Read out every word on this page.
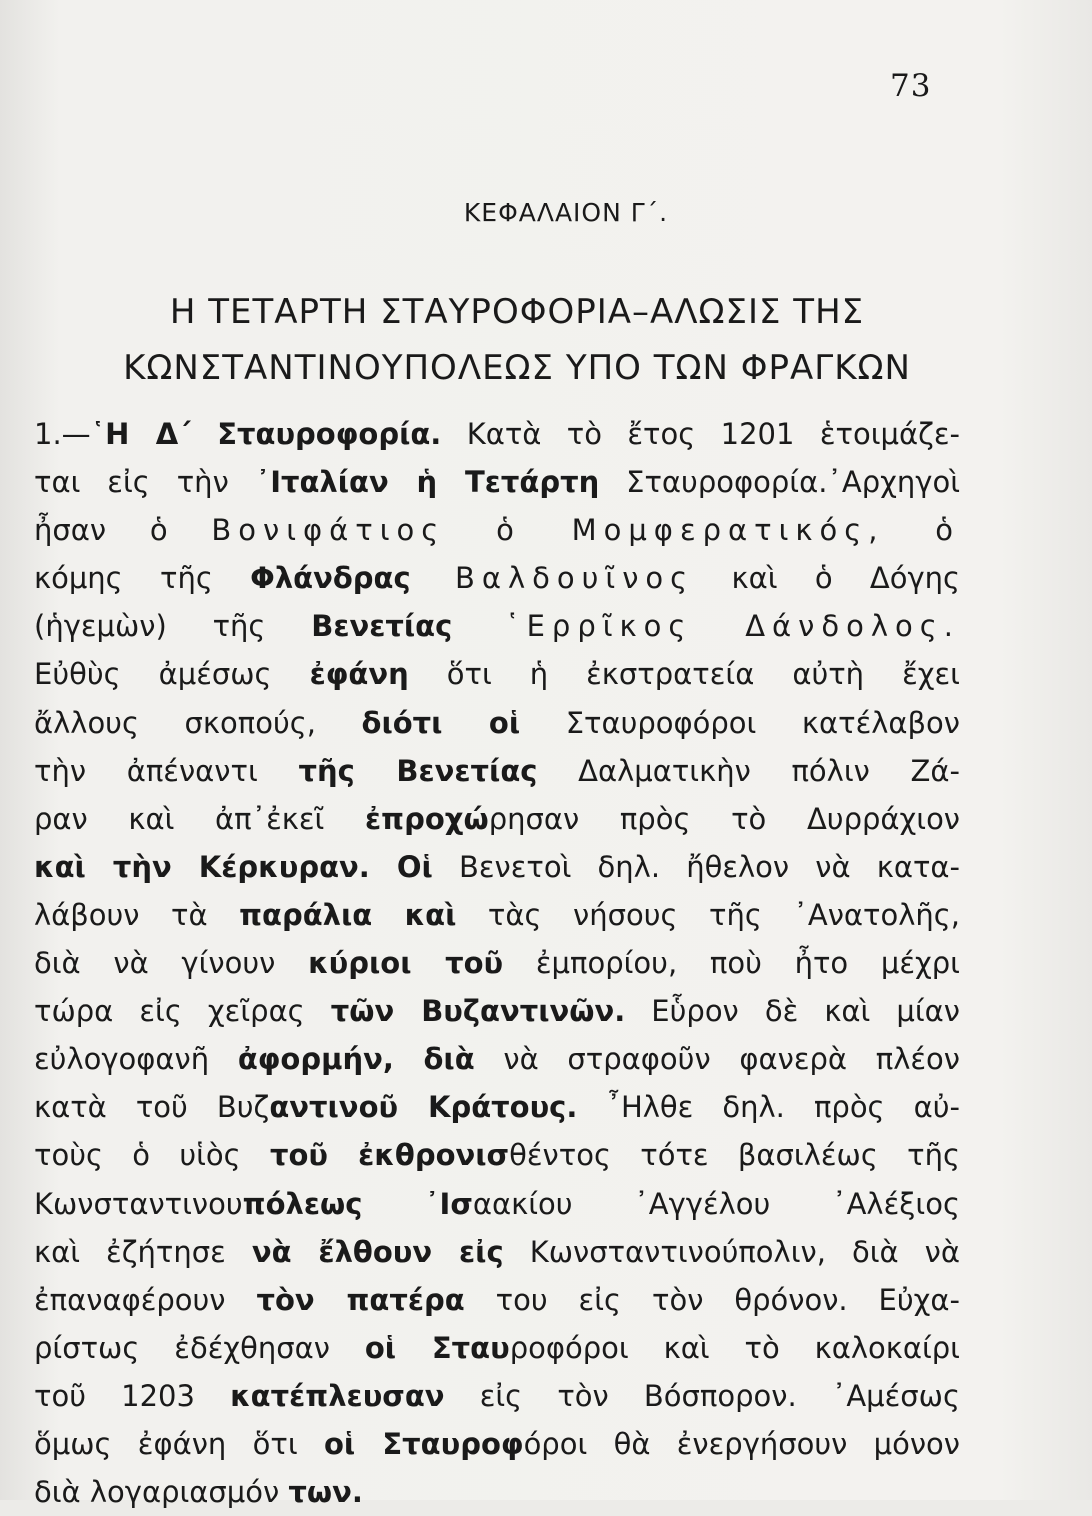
73
ΚΕΦΑΛΑΙΟΝ Γ΄.
Η ΤΕΤΑΡΤΗ ΣΤΑΥΡΟΦΟΡΙΑ–ΑΛΩΣΙΣ ΤΗΣ
ΚΩΝΣΤΑΝΤΙΝΟΥΠΟΛΕΩΣ ΥΠΟ ΤΩΝ ΦΡΑΓΚΩΝ
1.—῾Η Δ΄ Σταυροφορία. Κατὰ τὸ ἔτος 1201 ἑτοιμάζε-
ται εἰς τὴν ᾿Ιταλίαν ἡ Τετάρτη Σταυροφορία.᾿Αρχηγοὶ
ἦσαν ὁ Βονιφάτιος ὁ Μομφερατικός, ὁ
κόμης τῆς Φλάνδρας Βαλδουῖνος καὶ ὁ Δόγης
(ἡγεμὼν) τῆς Βενετίας ῾Ερρῖκος Δάνδολος.
Εὐθὺς ἀμέσως ἐφάνη ὅτι ἡ ἐκστρατεία αὐτὴ ἔχει
ἄλλους σκοπούς, διότι οἱ Σταυροφόροι κατέλαβον
τὴν ἀπέναντι τῆς Βενετίας Δαλματικὴν πόλιν Ζά-
ραν καὶ ἀπ᾿ἐκεῖ ἐπροχώρησαν πρὸς τὸ Δυρράχιον
καὶ τὴν Κέρκυραν. Οἱ Βενετοὶ δηλ. ἤθελον νὰ κατα-
λάβουν τὰ παράλια καὶ τὰς νήσους τῆς ᾿Ανατολῆς,
διὰ νὰ γίνουν κύριοι τοῦ ἐμπορίου, ποὺ ἦτο μέχρι
τώρα εἰς χεῖρας τῶν Βυζαντινῶν. Εὗρον δὲ καὶ μίαν
εὐλογοφανῆ ἀφορμήν, διὰ νὰ στραφοῦν φανερὰ πλέον
κατὰ τοῦ Βυζαντινοῦ Κράτους. ῏Ηλθε δηλ. πρὸς αὐ-
τοὺς ὁ υἱὸς τοῦ ἐκθρονισθέντος τότε βασιλέως τῆς
Κωνσταντινουπόλεως ᾿Ισαακίου ᾿Αγγέλου ᾿Αλέξιος
καὶ ἐζήτησε νὰ ἔλθουν εἰς Κωνσταντινούπολιν, διὰ νὰ
ἐπαναφέρουν τὸν πατέρα του εἰς τὸν θρόνον. Εὐχα-
ρίστως ἐδέχθησαν οἱ Σταυροφόροι καὶ τὸ καλοκαίρι
τοῦ 1203 κατέπλευσαν εἰς τὸν Βόσπορον. ᾿Αμέσως
ὅμως ἐφάνη ὅτι οἱ Σταυροφόροι θὰ ἐνεργήσουν μόνον
διὰ λογαριασμόν των.
